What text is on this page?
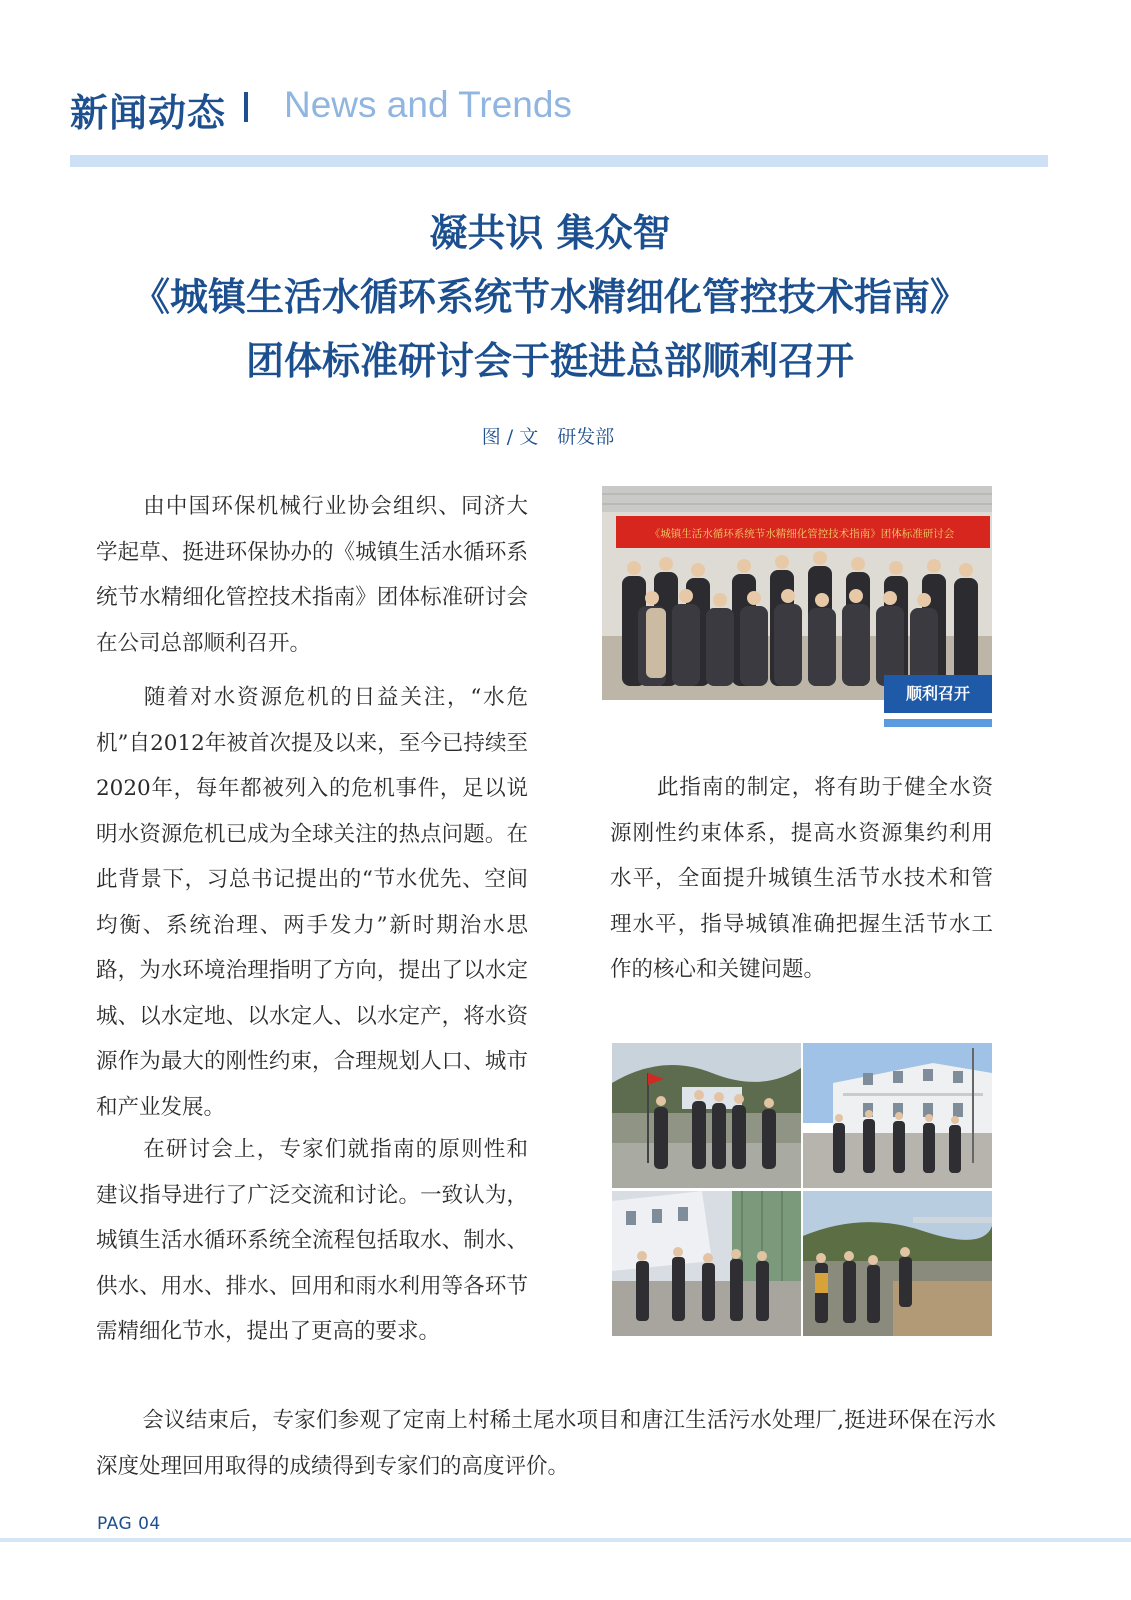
新闻动态 News and Trends
凝共识 集众智
《城镇生活水循环系统节水精细化管控技术指南》
团体标准研讨会于挺进总部顺利召开
图 / 文　研发部
由中国环保机械行业协会组织、同济大学起草、挺进环保协办的《城镇生活水循环系统节水精细化管控技术指南》团体标准研讨会在公司总部顺利召开。
随着对水资源危机的日益关注，“水危机”自2012年被首次提及以来，至今已持续至2020年，每年都被列入的危机事件，足以说明水资源危机已成为全球关注的热点问题。在此背景下，习总书记提出的“节水优先、空间均衡、系统治理、两手发力”新时期治水思路，为水环境治理指明了方向，提出了以水定城、以水定地、以水定人、以水定产，将水资源作为最大的刚性约束，合理规划人口、城市和产业发展。
在研讨会上，专家们就指南的原则性和建议指导进行了广泛交流和讨论。一致认为，城镇生活水循环系统全流程包括取水、制水、供水、用水、排水、回用和雨水利用等各环节需精细化节水，提出了更高的要求。
此指南的制定，将有助于健全水资源刚性约束体系，提高水资源集约利用水平，全面提升城镇生活节水技术和管理水平，指导城镇准确把握生活节水工作的核心和关键问题。
会议结束后，专家们参观了定南上村稀土尾水项目和唐江生活污水处理厂,挺进环保在污水深度处理回用取得的成绩得到专家们的高度评价。
《城镇生活水循环系统节水精细化管控技术指南》团体标准研讨会
顺利召开
PAG 04
